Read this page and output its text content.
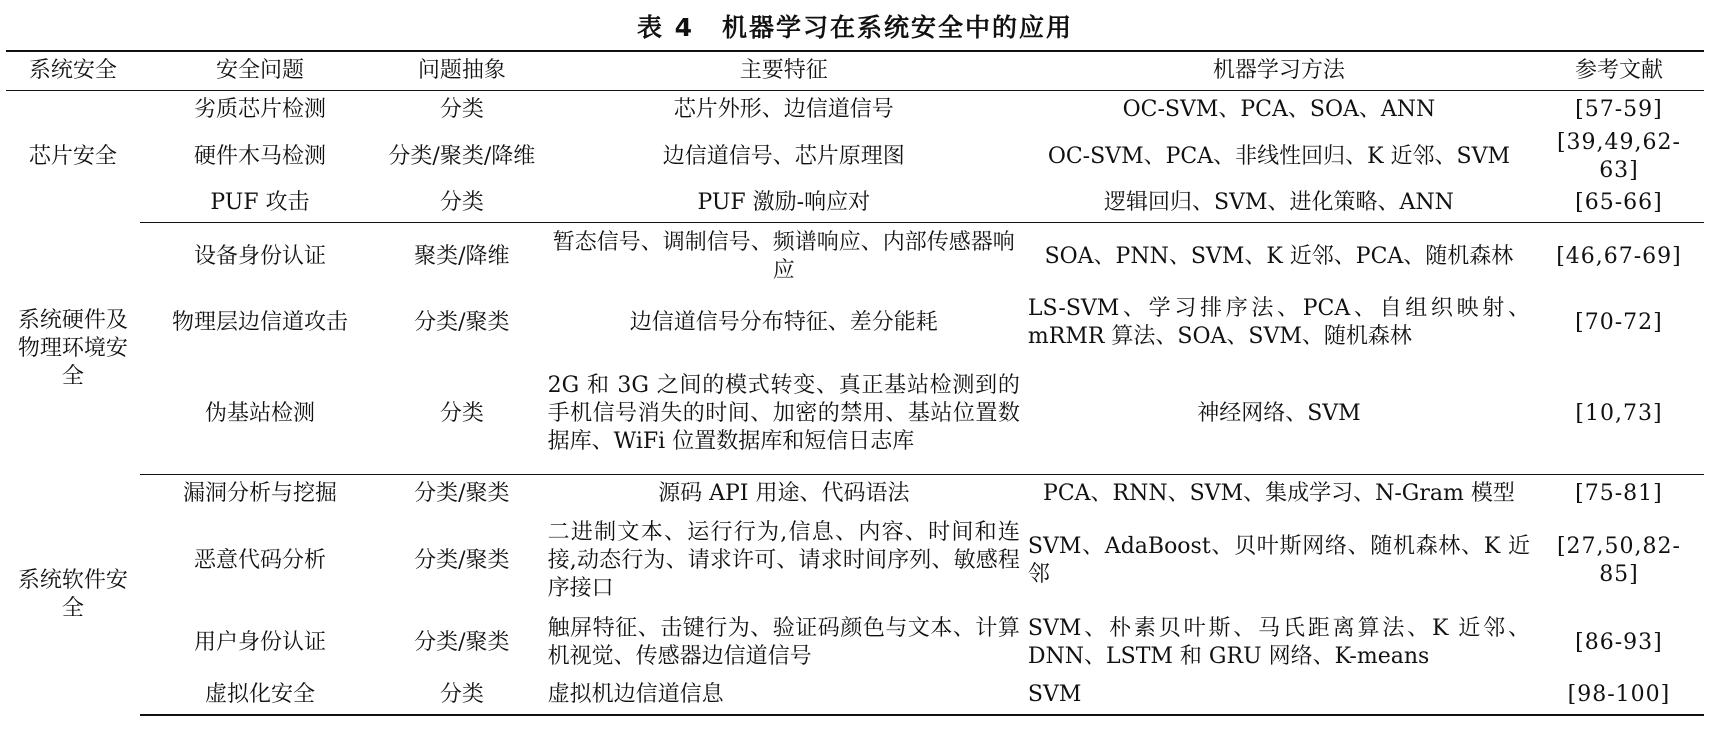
表 4 机器学习在系统安全中的应用
系统安全	安全问题	问题抽象	主要特征	机器学习方法	参考文献
芯片安全	劣质芯片检测	分类	芯片外形、边信道信号	OC-SVM、PCA、SOA、ANN	[57-59]
	硬件木马检测	分类/聚类/降维	边信道信号、芯片原理图	OC-SVM、PCA、非线性回归、K 近邻、SVM	[39,49,62-63]
	PUF 攻击	分类	PUF 激励-响应对	逻辑回归、SVM、进化策略、ANN	[65-66]
系统硬件及物理环境安全	设备身份认证	聚类/降维	暂态信号、调制信号、频谱响应、内部传感器响应	SOA、PNN、SVM、K 近邻、PCA、随机森林	[46,67-69]
	物理层边信道攻击	分类/聚类	边信道信号分布特征、差分能耗	LS-SVM、学习排序法、PCA、自组织映射、mRMR 算法、SOA、SVM、随机森林	[70-72]
	伪基站检测	分类	2G 和 3G 之间的模式转变、真正基站检测到的手机信号消失的时间、加密的禁用、基站位置数据库、WiFi 位置数据库和短信日志库	神经网络、SVM	[10,73]
系统软件安全	漏洞分析与挖掘	分类/聚类	源码 API 用途、代码语法	PCA、RNN、SVM、集成学习、N-Gram 模型	[75-81]
	恶意代码分析	分类/聚类	二进制文本、运行行为,信息、内容、时间和连接,动态行为、请求许可、请求时间序列、敏感程序接口	SVM、AdaBoost、贝叶斯网络、随机森林、K 近邻	[27,50,82-85]
	用户身份认证	分类/聚类	触屏特征、击键行为、验证码颜色与文本、计算机视觉、传感器边信道信号	SVM、朴素贝叶斯、马氏距离算法、K 近邻、DNN、LSTM 和 GRU 网络、K-means	[86-93]
	虚拟化安全	分类	虚拟机边信道信息	SVM	[98-100]
